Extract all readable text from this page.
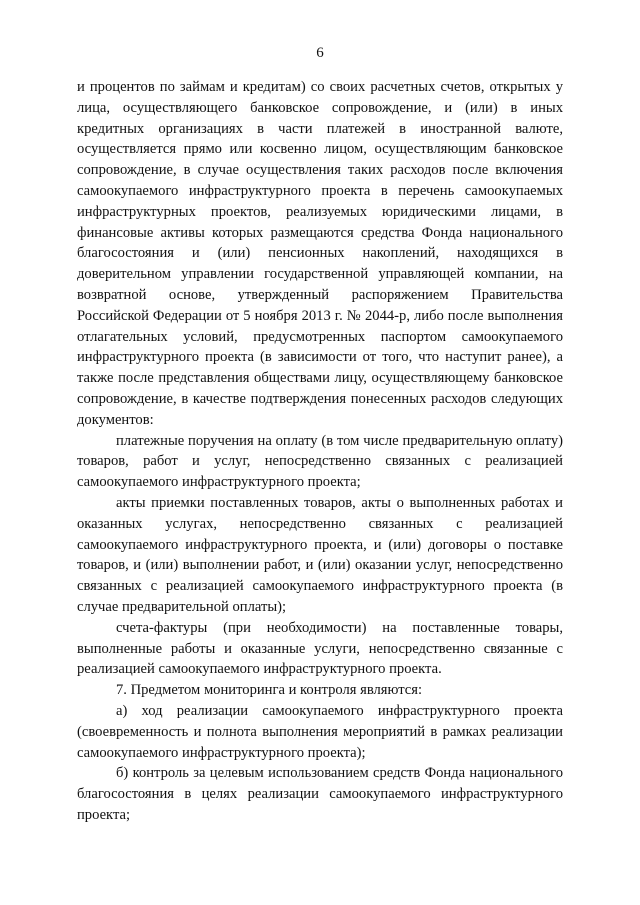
6

и процентов по займам и кредитам) со своих расчетных счетов, открытых у лица, осуществляющего банковское сопровождение, и (или) в иных кредитных организациях в части платежей в иностранной валюте, осуществляется прямо или косвенно лицом, осуществляющим банковское сопровождение, в случае осуществления таких расходов после включения самоокупаемого инфраструктурного проекта в перечень самоокупаемых инфраструктурных проектов, реализуемых юридическими лицами, в финансовые активы которых размещаются средства Фонда национального благосостояния и (или) пенсионных накоплений, находящихся в доверительном управлении государственной управляющей компании, на возвратной основе, утвержденный распоряжением Правительства Российской Федерации от 5 ноября 2013 г. № 2044-р, либо после выполнения отлагательных условий, предусмотренных паспортом самоокупаемого инфраструктурного проекта (в зависимости от того, что наступит ранее), а также после представления обществами лицу, осуществляющему банковское сопровождение, в качестве подтверждения понесенных расходов следующих документов:

платежные поручения на оплату (в том числе предварительную оплату) товаров, работ и услуг, непосредственно связанных с реализацией самоокупаемого инфраструктурного проекта;

акты приемки поставленных товаров, акты о выполненных работах и оказанных услугах, непосредственно связанных с реализацией самоокупаемого инфраструктурного проекта, и (или) договоры о поставке товаров, и (или) выполнении работ, и (или) оказании услуг, непосредственно связанных с реализацией самоокупаемого инфраструктурного проекта (в случае предварительной оплаты);

счета-фактуры (при необходимости) на поставленные товары, выполненные работы и оказанные услуги, непосредственно связанные с реализацией самоокупаемого инфраструктурного проекта.

7. Предметом мониторинга и контроля являются:

а) ход реализации самоокупаемого инфраструктурного проекта (своевременность и полнота выполнения мероприятий в рамках реализации самоокупаемого инфраструктурного проекта);

б) контроль за целевым использованием средств Фонда национального благосостояния в целях реализации самоокупаемого инфраструктурного проекта;
